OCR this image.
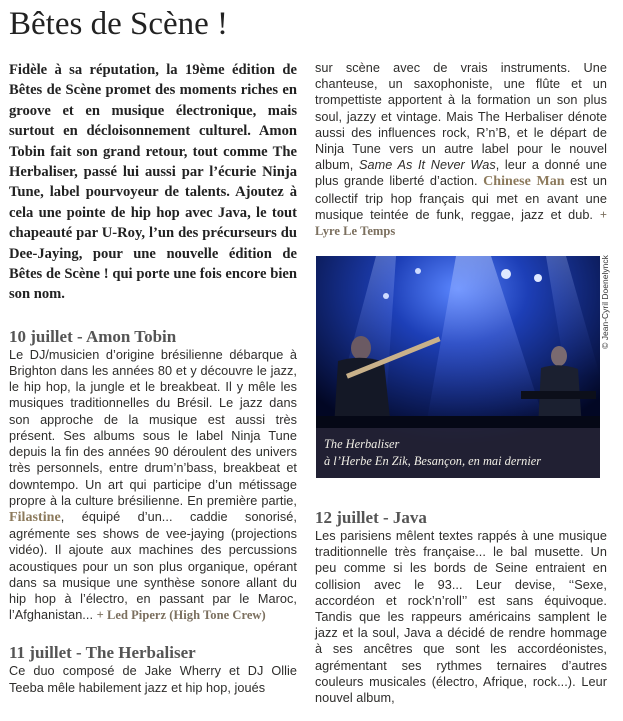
Bêtes de Scène !

Fidèle à sa réputation, la 19ème édition de Bêtes de Scène promet des moments riches en groove et en musique électronique, mais surtout en décloisonnement culturel. Amon Tobin fait son grand retour, tout comme The Herbaliser, passé lui aussi par l’écurie Ninja Tune, label pourvoyeur de talents. Ajoutez à cela une pointe de hip hop avec Java, le tout chapeauté par U-Roy, l’un des précurseurs du Dee-Jaying, pour une nouvelle édition de Bêtes de Scène ! qui porte une fois encore bien son nom.

10 juillet - Amon Tobin

Le DJ/musicien d’origine brésilienne débarque à Brighton dans les années 80 et y découvre le jazz, le hip hop, la jungle et le breakbeat. Il y mêle les musiques traditionnelles du Brésil. Le jazz dans son approche de la musique est aussi très présent. Ses albums sous le label Ninja Tune depuis la fin des années 90 déroulent des univers très personnels, entre drum’n’bass, breakbeat et downtempo. Un art qui participe d’un métissage propre à la culture brésilienne. En première partie, Filastine, équipé d’un... caddie sonorisé, agrémente ses shows de vee-jaying (projections vidéo). Il ajoute aux machines des percussions acoustiques pour un son plus organique, opérant dans sa musique une synthèse sonore allant du hip hop à l’électro, en passant par le Maroc, l’Afghanistan... + Led Piperz (High Tone Crew)

11 juillet - The Herbaliser

Ce duo composé de Jake Wherry et DJ Ollie Teeba mêle habilement jazz et hip hop, joués

sur scène avec de vrais instruments. Une chanteuse, un saxophoniste, une flûte et un trompettiste apportent à la formation un son plus soul, jazzy et vintage. Mais The Herbaliser dénote aussi des influences rock, R’n’B, et le départ de Ninja Tune vers un autre label pour le nouvel album, Same As It Never Was, leur a donné une plus grande liberté d’action. Chinese Man est un collectif trip hop français qui met en avant une musique teintée de funk, reggae, jazz et dub. + Lyre Le Temps

The Herbaliser
à l’Herbe En Zik, Besançon, en mai dernier
© Jean-Cyril Doenelynck
12 juillet - Java

Les parisiens mêlent textes rappés à une musique traditionnelle très française... le bal musette. Un peu comme si les bords de Seine entraient en collision avec le 93... Leur devise, ‘‘Sexe, accordéon et rock’n’roll’’ est sans équivoque. Tandis que les rappeurs américains samplent le jazz et la soul, Java a décidé de rendre hommage à ses ancêtres que sont les accordéonistes, agrémentant ses rythmes ternaires d’autres couleurs musicales (électro, Afrique, rock...). Leur nouvel album,
